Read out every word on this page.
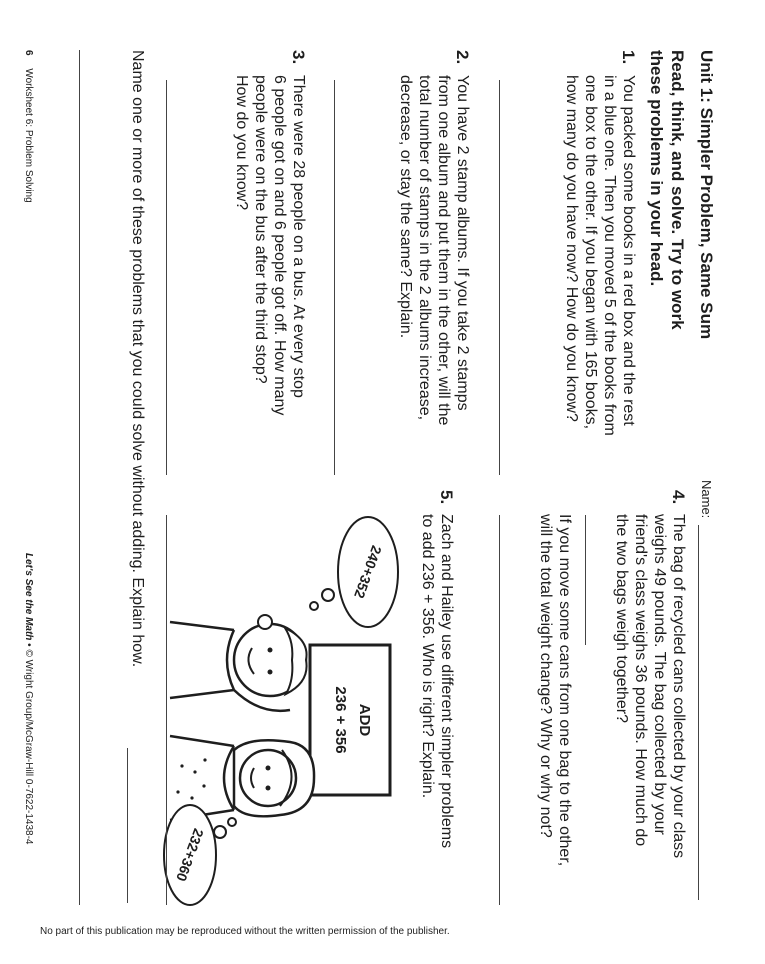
Unit 1: Simpler Problem, Same Sum
Name:
Read, think, and solve. Try to work
these problems in your head.
1.
You packed some books in a red box and the rest
in a blue one. Then you moved 5 of the books from
one box to the other. If you began with 165 books,
how many do you have now? How do you know?
2.
You have 2 stamp albums. If you take 2 stamps
from one album and put them in the other, will the
total number of stamps in the 2 albums increase,
decrease, or stay the same? Explain.
3.
There were 28 people on a bus. At every stop
6 people got on and 6 people got off. How many
people were on the bus after the third stop?
How do you know?
4.
The bag of recycled cans collected by your class
weighs 49 pounds. The bag collected by your
friend's class weighs 36 pounds. How much do
the two bags weigh together?
If you move some cans from one bag to the other,
will the total weight change? Why or why not?
5.
Zach and Hailey use different simpler problems
to add 236 + 356. Who is right? Explain.
240+352
ADD
236 + 356
232+360
Name one or more of these problems that you could solve without adding. Explain how.
6 Worksheet 6: Problem Solving
Let's See the Math • © Wright Group/McGraw-Hill 0-7622-1438-4
No part of this publication may be reproduced without the written permission of the publisher.
